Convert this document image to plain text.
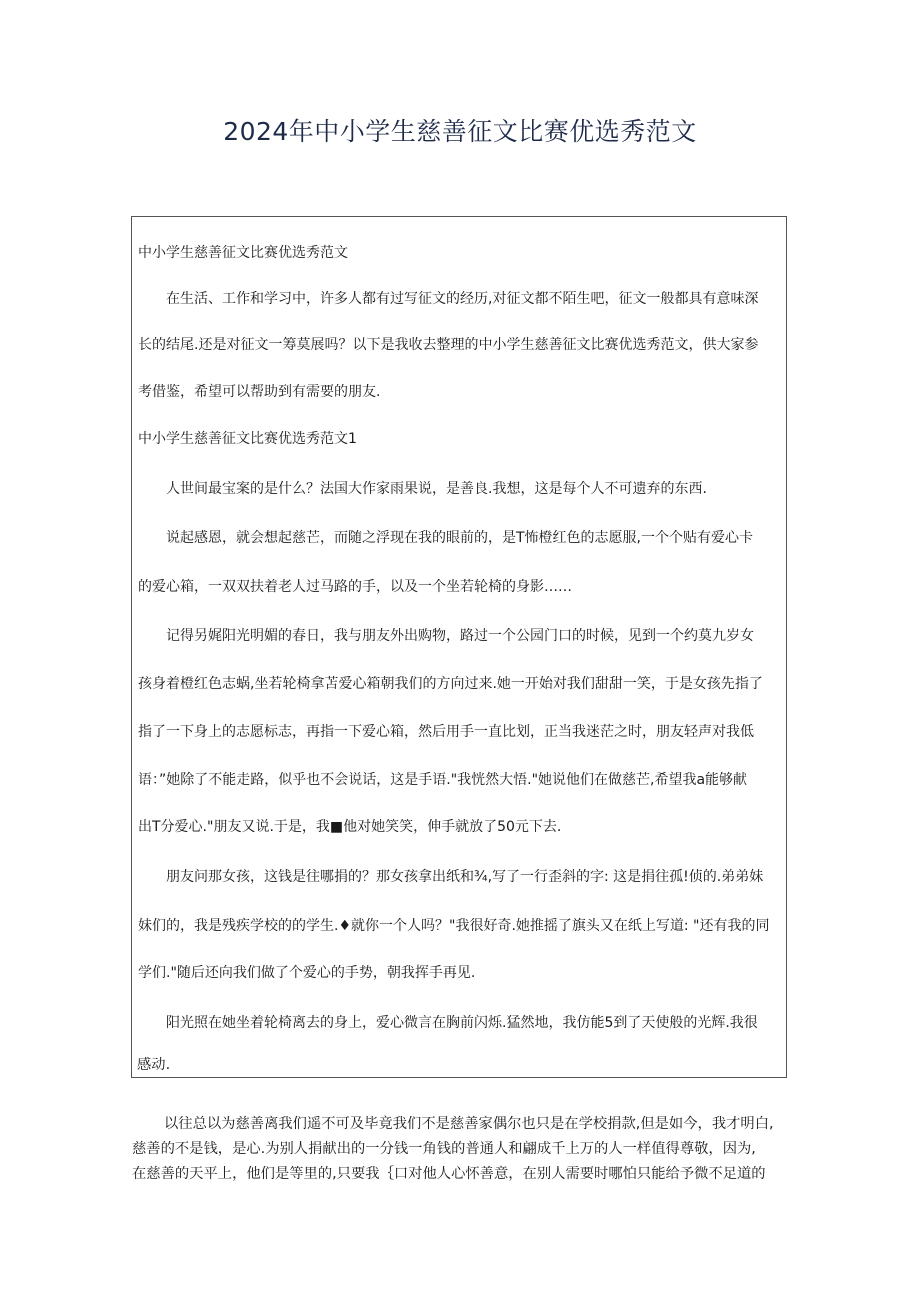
2024年中小学生慈善征文比赛优选秀范文

中小学生慈善征文比赛优选秀范文

在生活、工作和学习中，许多人都有过写征文的经历,对征文都不陌生吧，征文一般都具有意味深

长的结尾.还是对征文一筹莫展吗？以下是我收去整理的中小学生慈善征文比赛优选秀范文，供大家参

考借鉴，希望可以帮助到有需要的朋友.

中小学生慈善征文比赛优选秀范文1

人世间最宝案的是什么？法国大作家雨果说，是善良.我想，这是每个人不可遗弃的东西.

说起感恩，就会想起慈芒，而随之浮现在我的眼前的，是T怖橙红色的志愿服,一个个贴有爱心卡

的爱心箱，一双双扶着老人过马路的手，以及一个坐若轮椅的身影……

记得另娓阳光明媚的春日，我与朋友外出购物，路过一个公园门口的时候，见到一个约莫九岁女

孩身着橙红色志蜗,坐若轮椅拿苫爱心箱朝我们的方向过来.她一开始对我们甜甜一笑，于是女孩先指了

指了一下身上的志愿标志，再指一下爱心箱，然后用手一直比划，正当我迷茫之时，朋友轻声对我低

语：”她除了不能走路，似乎也不会说话，这是手语."我恍然大悟."她说他们在做慈芒,希望我a能够献

出T分爱心."朋友又说.于是，我■他对她笑笑，伸手就放了50元下去.

朋友问那女孩，这钱是往哪捐的？那女孩拿出纸和¾,写了一行歪斜的字: 这是捐往孤!侦的.弟弟妹

妹们的，我是残疾学校的的学生.♦就你一个人吗？"我很好奇.她推摇了旗头又在纸上写道: "还有我的同

学们."随后还向我们做了个爱心的手势，朝我挥手再见.

阳光照在她坐着轮椅离去的身上，爱心微言在胸前闪烁.猛然地，我仿能5到了天使般的光辉.我很

感动.

以往总以为慈善离我们遥不可及毕竟我们不是慈善家偶尔也只是在学校捐款,但是如今，我才明白,

慈善的不是钱，是心.为别人捐献出的一分钱一角钱的普通人和翩成千上万的人一样值得尊敬，因为,

在慈善的天平上，他们是等里的,只要我｛口对他人心怀善意，在别人需要时哪怕只能给予微不足道的
